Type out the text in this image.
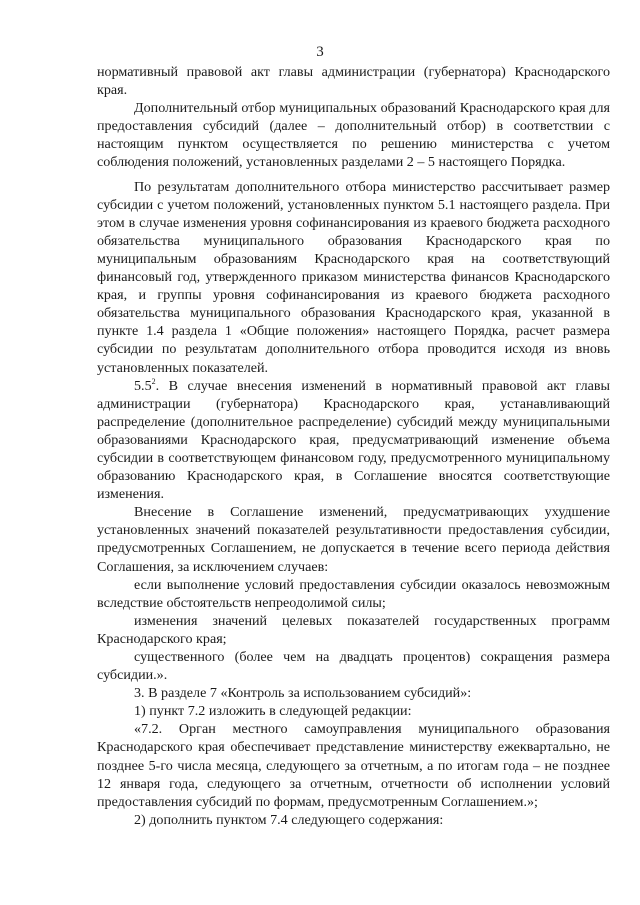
3

нормативный правовой акт главы администрации (губернатора) Краснодарского края.

Дополнительный отбор муниципальных образований Краснодарского края для предоставления субсидий (далее – дополнительный отбор) в соответствии с настоящим пунктом осуществляется по решению министерства с учетом соблюдения положений, установленных разделами 2 – 5 настоящего Порядка.

По результатам дополнительного отбора министерство рассчитывает размер субсидии с учетом положений, установленных пунктом 5.1 настоящего раздела. При этом в случае изменения уровня софинансирования из краевого бюджета расходного обязательства муниципального образования Краснодарского края по муниципальным образованиям Краснодарского края на соответствующий финансовый год, утвержденного приказом министерства финансов Краснодарского края, и группы уровня софинансирования из краевого бюджета расходного обязательства муниципального образования Краснодарского края, указанной в пункте 1.4 раздела 1 «Общие положения» настоящего Порядка, расчет размера субсидии по результатам дополнительного отбора проводится исходя из вновь установленных показателей.

$5.5^2$. В случае внесения изменений в нормативный правовой акт главы администрации (губернатора) Краснодарского края, устанавливающий распределение (дополнительное распределение) субсидий между муниципальными образованиями Краснодарского края, предусматривающий изменение объема субсидии в соответствующем финансовом году, предусмотренного муниципальному образованию Краснодарского края, в Соглашение вносятся соответствующие изменения.

Внесение в Соглашение изменений, предусматривающих ухудшение установленных значений показателей результативности предоставления субсидии, предусмотренных Соглашением, не допускается в течение всего периода действия Соглашения, за исключением случаев:

если выполнение условий предоставления субсидии оказалось невозможным вследствие обстоятельств непреодолимой силы;

изменения значений целевых показателей государственных программ Краснодарского края;

существенного (более чем на двадцать процентов) сокращения размера субсидии.».

3. В разделе 7 «Контроль за использованием субсидий»:

1) пункт 7.2 изложить в следующей редакции:

«7.2. Орган местного самоуправления муниципального образования Краснодарского края обеспечивает представление министерству ежеквартально, не позднее 5-го числа месяца, следующего за отчетным, а по итогам года – не позднее 12 января года, следующего за отчетным, отчетности об исполнении условий предоставления субсидий по формам, предусмотренным Соглашением.»;

2) дополнить пунктом 7.4 следующего содержания:
